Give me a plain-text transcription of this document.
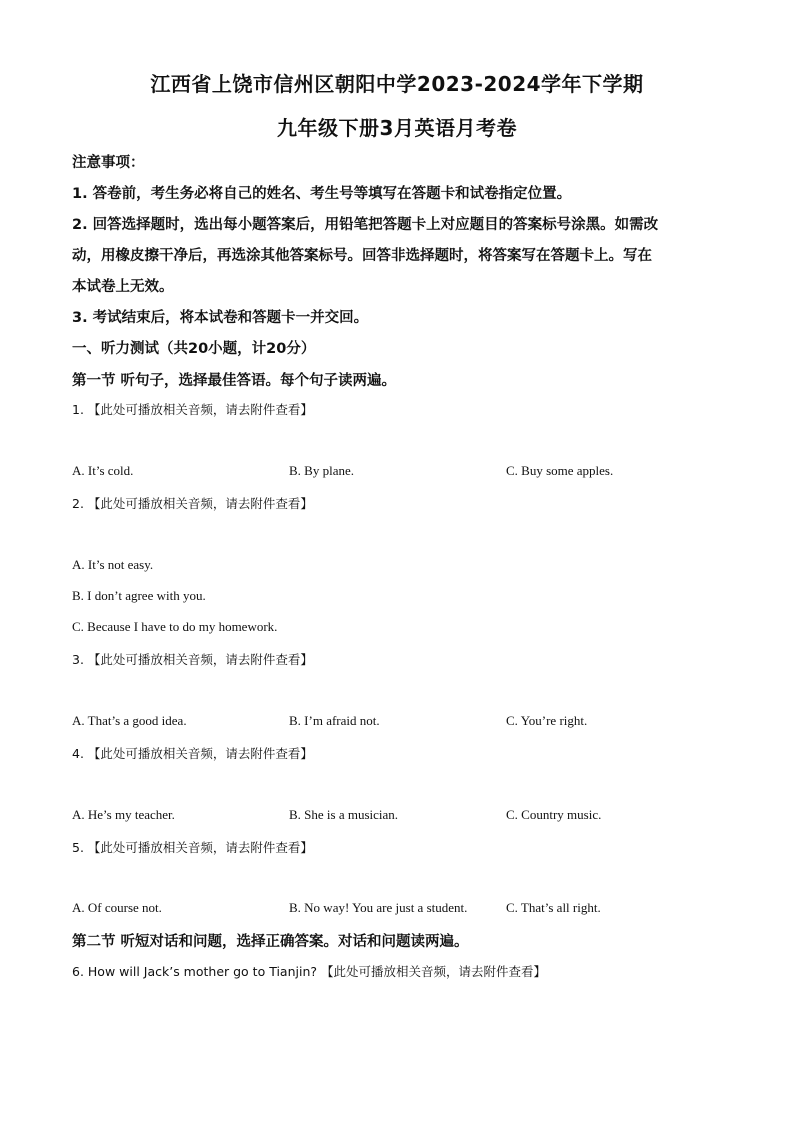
江西省上饶市信州区朝阳中学2023-2024学年下学期
九年级下册3月英语月考卷
注意事项：
1. 答卷前，考生务必将自己的姓名、考生号等填写在答题卡和试卷指定位置。
2. 回答选择题时，选出每小题答案后，用铅笔把答题卡上对应题目的答案标号涂黑。如需改
动，用橡皮擦干净后，再选涂其他答案标号。回答非选择题时，将答案写在答题卡上。写在
本试卷上无效。
3. 考试结束后，将本试卷和答题卡一并交回。
一、听力测试（共20小题，计20分）
第一节 听句子，选择最佳答语。每个句子读两遍。
1. 【此处可播放相关音频，请去附件查看】
A. It’s cold.	B. By plane.	C. Buy some apples.
2. 【此处可播放相关音频，请去附件查看】
A. It’s not easy.
B. I don’t agree with you.
C. Because I have to do my homework.
3. 【此处可播放相关音频，请去附件查看】
A. That’s a good idea.	B. I’m afraid not.	C. You’re right.
4. 【此处可播放相关音频，请去附件查看】
A. He’s my teacher.	B. She is a musician.	C. Country music.
5. 【此处可播放相关音频，请去附件查看】
A. Of course not.	B. No way! You are just a student.	C. That’s all right.
第二节 听短对话和问题，选择正确答案。对话和问题读两遍。
6. How will Jack’s mother go to Tianjin? 【此处可播放相关音频，请去附件查看】
